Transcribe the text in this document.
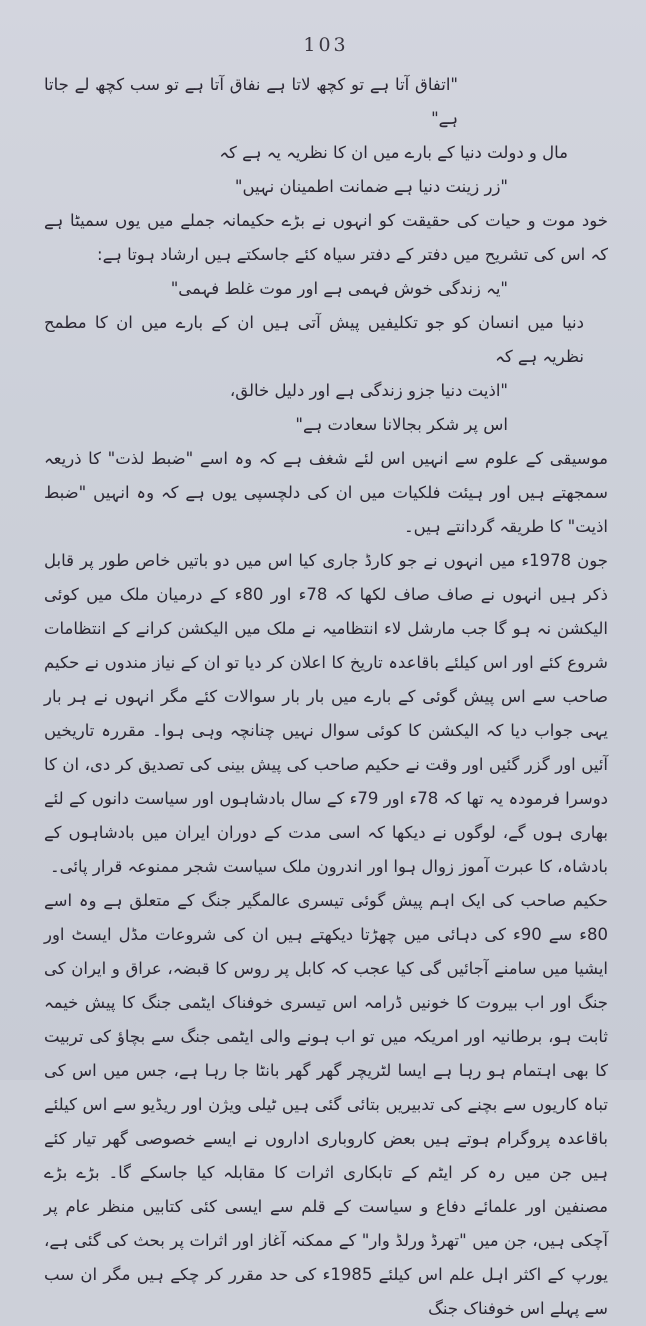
103

"اتفاق آتا ہے تو کچھ لاتا ہے نفاق آتا ہے تو سب کچھ لے جاتا ہے"

مال و دولت دنیا کے بارے میں ان کا نظریہ یہ ہے کہ

"زر زینت دنیا ہے ضمانت اطمینان نہیں"

خود موت و حیات کی حقیقت کو انہوں نے بڑے حکیمانہ جملے میں یوں سمیٹا ہے کہ اس کی تشریح میں دفتر کے دفتر سیاہ کئے جاسکتے ہیں ارشاد ہوتا ہے:

"یہ زندگی خوش فہمی ہے اور موت غلط فہمی"

دنیا میں انسان کو جو تکلیفیں پیش آتی ہیں ان کے بارے میں ان کا مطمح نظریہ ہے کہ

"اذیت دنیا جزو زندگی ہے اور دلیل خالق،

اس پر شکر بجالانا سعادت ہے"

موسیقی کے علوم سے انہیں اس لئے شغف ہے کہ وہ اسے "ضبط لذت" کا ذریعہ سمجھتے ہیں اور ہیئت فلکیات میں ان کی دلچسپی یوں ہے کہ وہ انہیں "ضبط اذیت" کا طریقہ گردانتے ہیں۔

جون 1978ء میں انہوں نے جو کارڈ جاری کیا اس میں دو باتیں خاص طور پر قابل ذکر ہیں انہوں نے صاف صاف لکھا کہ 78ء اور 80ء کے درمیان ملک میں کوئی الیکشن نہ ہو گا جب مارشل لاء انتظامیہ نے ملک میں الیکشن کرانے کے انتظامات شروع کئے اور اس کیلئے باقاعدہ تاریخ کا اعلان کر دیا تو ان کے نیاز مندوں نے حکیم صاحب سے اس پیش گوئی کے بارے میں بار بار سوالات کئے مگر انہوں نے ہر بار یہی جواب دیا کہ الیکشن کا کوئی سوال نہیں چنانچہ وہی ہوا۔ مقررہ تاریخیں آئیں اور گزر گئیں اور وقت نے حکیم صاحب کی پیش بینی کی تصدیق کر دی، ان کا دوسرا فرمودہ یہ تھا کہ 78ء اور 79ء کے سال بادشاہوں اور سیاست دانوں کے لئے بھاری ہوں گے، لوگوں نے دیکھا کہ اسی مدت کے دوران ایران میں بادشاہوں کے بادشاہ، کا عبرت آموز زوال ہوا اور اندرون ملک سیاست شجر ممنوعہ قرار پائی۔

حکیم صاحب کی ایک اہم پیش گوئی تیسری عالمگیر جنگ کے متعلق ہے وہ اسے 80ء سے 90ء کی دہائی میں چھڑتا دیکھتے ہیں ان کی شروعات مڈل ایسٹ اور ایشیا میں سامنے آجائیں گی کیا عجب کہ کابل پر روس کا قبضہ، عراق و ایران کی جنگ اور اب بیروت کا خونیں ڈرامہ اس تیسری خوفناک ایٹمی جنگ کا پیش خیمہ ثابت ہو، برطانیہ اور امریکہ میں تو اب ہونے والی ایٹمی جنگ سے بچاؤ کی تربیت کا بھی اہتمام ہو رہا ہے ایسا لٹریچر گھر گھر بانٹا جا رہا ہے، جس میں اس کی تباہ کاریوں سے بچنے کی تدبیریں بتائی گئی ہیں ٹیلی ویژن اور ریڈیو سے اس کیلئے باقاعدہ پروگرام ہوتے ہیں بعض کاروباری اداروں نے ایسے خصوصی گھر تیار کئے ہیں جن میں رہ کر ایٹم کے تابکاری اثرات کا مقابلہ کیا جاسکے گا۔ بڑے بڑے مصنفین اور علمائے دفاع و سیاست کے قلم سے ایسی کئی کتابیں منظر عام پر آچکی ہیں، جن میں "تھرڈ ورلڈ وار" کے ممکنہ آغاز اور اثرات پر بحث کی گئی ہے، یورپ کے اکثر اہل علم اس کیلئے 1985ء کی حد مقرر کر چکے ہیں مگر ان سب سے پہلے اس خوفناک جنگ
